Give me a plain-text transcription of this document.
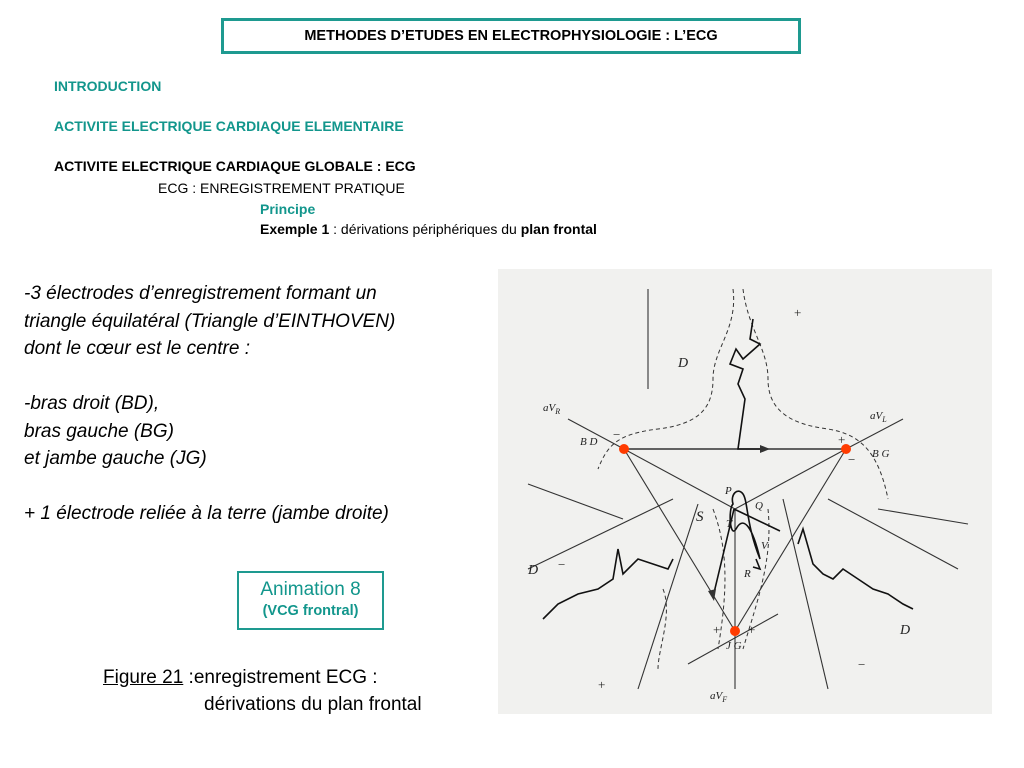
METHODES D’ETUDES EN ELECTROPHYSIOLOGIE : L’ECG
INTRODUCTION
ACTIVITE ELECTRIQUE CARDIAQUE ELEMENTAIRE
ACTIVITE ELECTRIQUE CARDIAQUE GLOBALE : ECG
ECG : ENREGISTREMENT PRATIQUE
Principe
Exemple 1 : dérivations périphériques du plan frontal
-3 électrodes d’enregistrement formant un
triangle équilatéral (Triangle d’EINTHOVEN)
dont le cœur est le centre :
-bras droit (BD),
bras gauche (BG)
et jambe gauche (JG)
+ 1 électrode reliée à la terre (jambe droite)
Animation 8
(VCG frontral)
Figure 21 :enregistrement ECG :
dérivations du plan frontal
$aV_R$	$aV_L$
$aV_F$
B D
B G
J G
D
D
D
P
Q
R
S T
V
+
−	+
−
+ +
+
−
−
